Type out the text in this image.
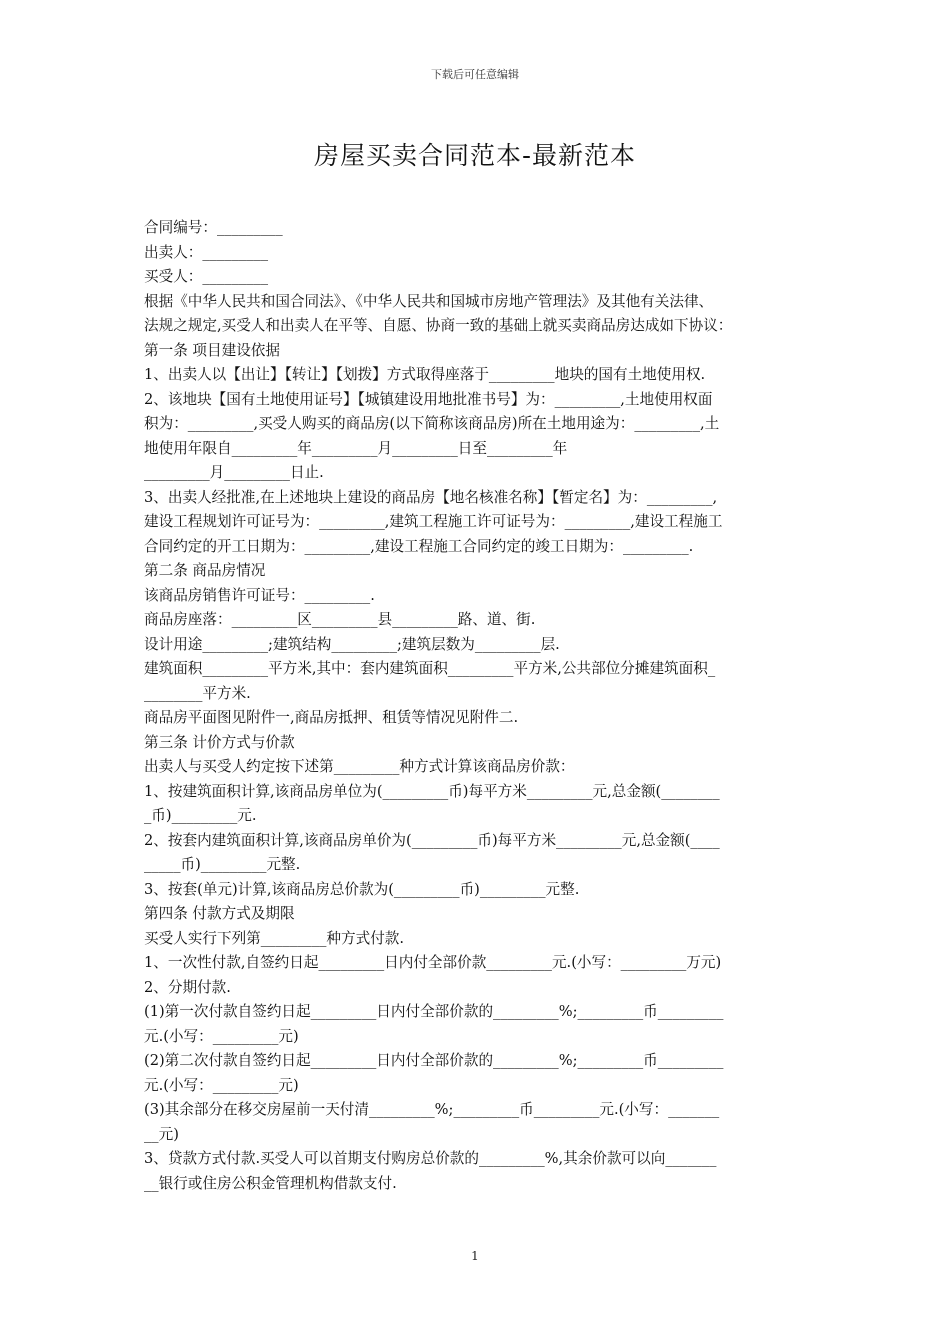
下载后可任意编辑
房屋买卖合同范本-最新范本

合同编号：_________

出卖人：_________

买受人：_________

根据《中华人民共和国合同法》、《中华人民共和国城市房地产管理法》及其他有关法律、

法规之规定,买受人和出卖人在平等、自愿、协商一致的基础上就买卖商品房达成如下协议：

第一条 项目建设依据

1、出卖人以【出让】【转让】【划拨】方式取得座落于_________地块的国有土地使用权.

2、该地块【国有土地使用证号】【城镇建设用地批准书号】为：_________,土地使用权面

积为：_________,买受人购买的商品房(以下简称该商品房)所在土地用途为：_________,土

地使用年限自_________年_________月_________日至_________年

_________月_________日止.

3、出卖人经批准,在上述地块上建设的商品房【地名核准名称】【暂定名】为：_________,

建设工程规划许可证号为：_________,建筑工程施工许可证号为：_________,建设工程施工

合同约定的开工日期为：_________,建设工程施工合同约定的竣工日期为：_________.

第二条 商品房情况

该商品房销售许可证号：_________.

商品房座落：_________区_________县_________路、道、街.

设计用途_________;建筑结构_________;建筑层数为_________层.

建筑面积_________平方米,其中：套内建筑面积_________平方米,公共部位分摊建筑面积_

________平方米.

商品房平面图见附件一,商品房抵押、租赁等情况见附件二.

第三条 计价方式与价款

出卖人与买受人约定按下述第_________种方式计算该商品房价款：

1、按建筑面积计算,该商品房单位为(_________币)每平方米_________元,总金额(________

_币)_________元.

2、按套内建筑面积计算,该商品房单价为(_________币)每平方米_________元,总金额(____

_____币)_________元整.

3、按套(单元)计算,该商品房总价款为(_________币)_________元整.

第四条 付款方式及期限

买受人实行下列第_________种方式付款.

1、一次性付款,自签约日起_________日内付全部价款_________元.(小写：_________万元)

2、分期付款.

(1)第一次付款自签约日起_________日内付全部价款的_________%;_________币_________

元.(小写：_________元)

(2)第二次付款自签约日起_________日内付全部价款的_________%;_________币_________

元.(小写：_________元)

(3)其余部分在移交房屋前一天付清_________%;_________币_________元.(小写：_______

__元)

3、贷款方式付款.买受人可以首期支付购房总价款的_________%,其余价款可以向_______

__银行或住房公积金管理机构借款支付.

1
